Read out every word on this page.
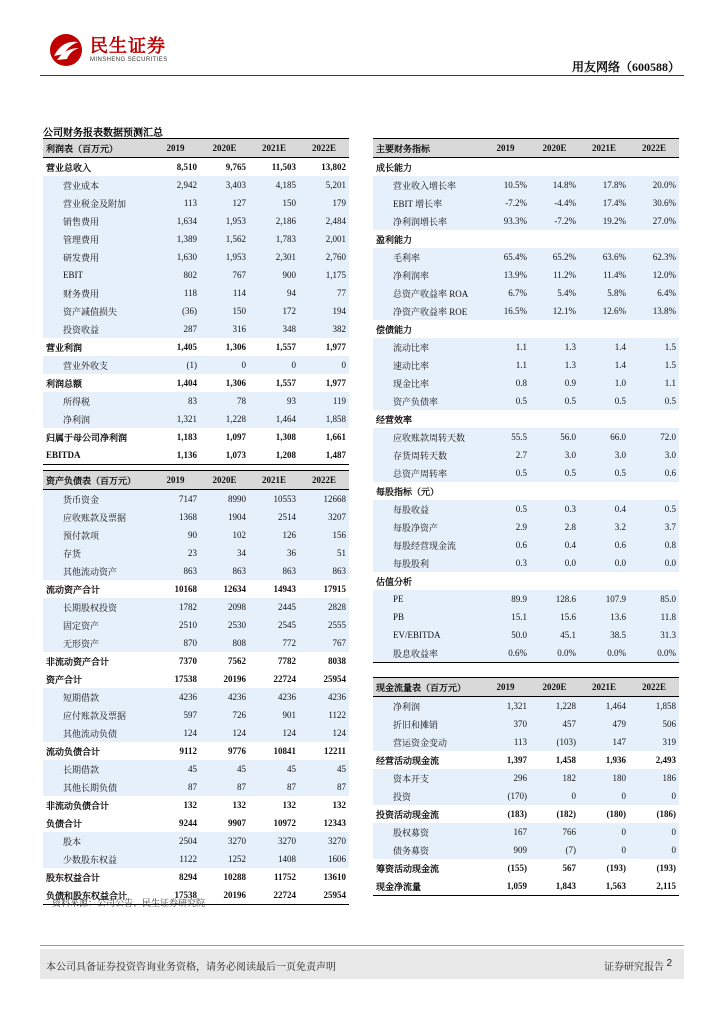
民生证券
MINSHENG SECURITIES	用友网络（600588）
公司财务报表数据预测汇总
利润表（百万元）	2019	2020E	2021E	2022E
营业总收入	8,510	9,765	11,503	13,802
营业成本	2,942	3,403	4,185	5,201
营业税金及附加	113	127	150	179
销售费用	1,634	1,953	2,186	2,484
管理费用	1,389	1,562	1,783	2,001
研发费用	1,630	1,953	2,301	2,760
EBIT	802	767	900	1,175
财务费用	118	114	94	77
资产减值损失	(36)	150	172	194
投资收益	287	316	348	382
营业利润	1,405	1,306	1,557	1,977
营业外收支	(1)	0	0	0
利润总额	1,404	1,306	1,557	1,977
所得税	83	78	93	119
净利润	1,321	1,228	1,464	1,858
归属于母公司净利润	1,183	1,097	1,308	1,661
EBITDA	1,136	1,073	1,208	1,487
资产负债表（百万元）	2019	2020E	2021E	2022E
货币资金	7147	8990	10553	12668
应收账款及票据	1368	1904	2514	3207
预付款项	90	102	126	156
存货	23	34	36	51
其他流动资产	863	863	863	863
流动资产合计	10168	12634	14943	17915
长期股权投资	1782	2098	2445	2828
固定资产	2510	2530	2545	2555
无形资产	870	808	772	767
非流动资产合计	7370	7562	7782	8038
资产合计	17538	20196	22724	25954
短期借款	4236	4236	4236	4236
应付账款及票据	597	726	901	1122
其他流动负债	124	124	124	124
流动负债合计	9112	9776	10841	12211
长期借款	45	45	45	45
其他长期负债	87	87	87	87
非流动负债合计	132	132	132	132
负债合计	9244	9907	10972	12343
股本	2504	3270	3270	3270
少数股东权益	1122	1252	1408	1606
股东权益合计	8294	10288	11752	13610
负债和股东权益合计	17538	20196	22724	25954
主要财务指标	2019	2020E	2021E	2022E
成长能力				
营业收入增长率	10.5%	14.8%	17.8%	20.0%
EBIT 增长率	-7.2%	-4.4%	17.4%	30.6%
净利润增长率	93.3%	-7.2%	19.2%	27.0%
盈利能力				
毛利率	65.4%	65.2%	63.6%	62.3%
净利润率	13.9%	11.2%	11.4%	12.0%
总资产收益率 ROA	6.7%	5.4%	5.8%	6.4%
净资产收益率 ROE	16.5%	12.1%	12.6%	13.8%
偿债能力				
流动比率	1.1	1.3	1.4	1.5
速动比率	1.1	1.3	1.4	1.5
现金比率	0.8	0.9	1.0	1.1
资产负债率	0.5	0.5	0.5	0.5
经营效率				
应收账款周转天数	55.5	56.0	66.0	72.0
存货周转天数	2.7	3.0	3.0	3.0
总资产周转率	0.5	0.5	0.5	0.6
每股指标（元）				
每股收益	0.5	0.3	0.4	0.5
每股净资产	2.9	2.8	3.2	3.7
每股经营现金流	0.6	0.4	0.6	0.8
每股股利	0.3	0.0	0.0	0.0
估值分析				
PE	89.9	128.6	107.9	85.0
PB	15.1	15.6	13.6	11.8
EV/EBITDA	50.0	45.1	38.5	31.3
股息收益率	0.6%	0.0%	0.0%	0.0%
现金流量表（百万元）	2019	2020E	2021E	2022E
净利润	1,321	1,228	1,464	1,858
折旧和摊销	370	457	479	506
营运资金变动	113	(103)	147	319
经营活动现金流	1,397	1,458	1,936	2,493
资本开支	296	182	180	186
投资	(170)	0	0	0
投资活动现金流	(183)	(182)	(180)	(186)
股权募资	167	766	0	0
债务募资	909	(7)	0	0
筹资活动现金流	(155)	567	(193)	(193)
现金净流量	1,059	1,843	1,563	2,115
资料来源：公司公告、民生证券研究院
本公司具备证券投资咨询业务资格，请务必阅读最后一页免责声明	证券研究报告 2
